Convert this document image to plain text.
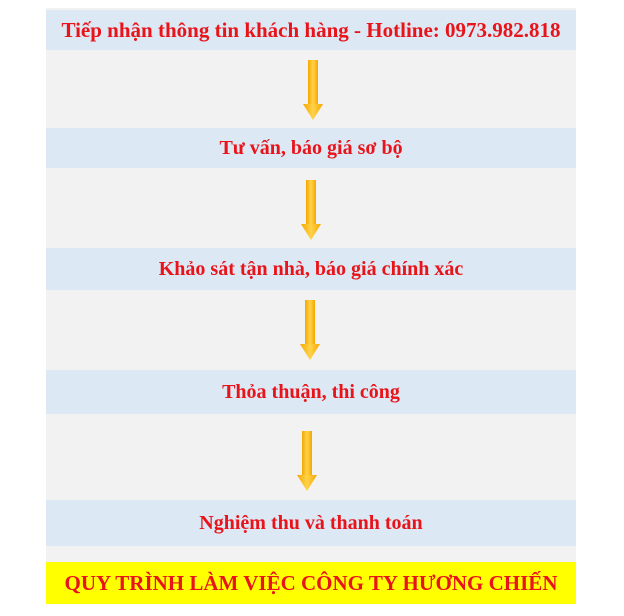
Tiếp nhận thông tin khách hàng - Hotline: 0973.982.818
Tư vấn, báo giá sơ bộ
Khảo sát tận nhà, báo giá chính xác
Thỏa thuận, thi công
Nghiệm thu và thanh toán
QUY TRÌNH LÀM VIỆC CÔNG TY HƯƠNG CHIẾN
